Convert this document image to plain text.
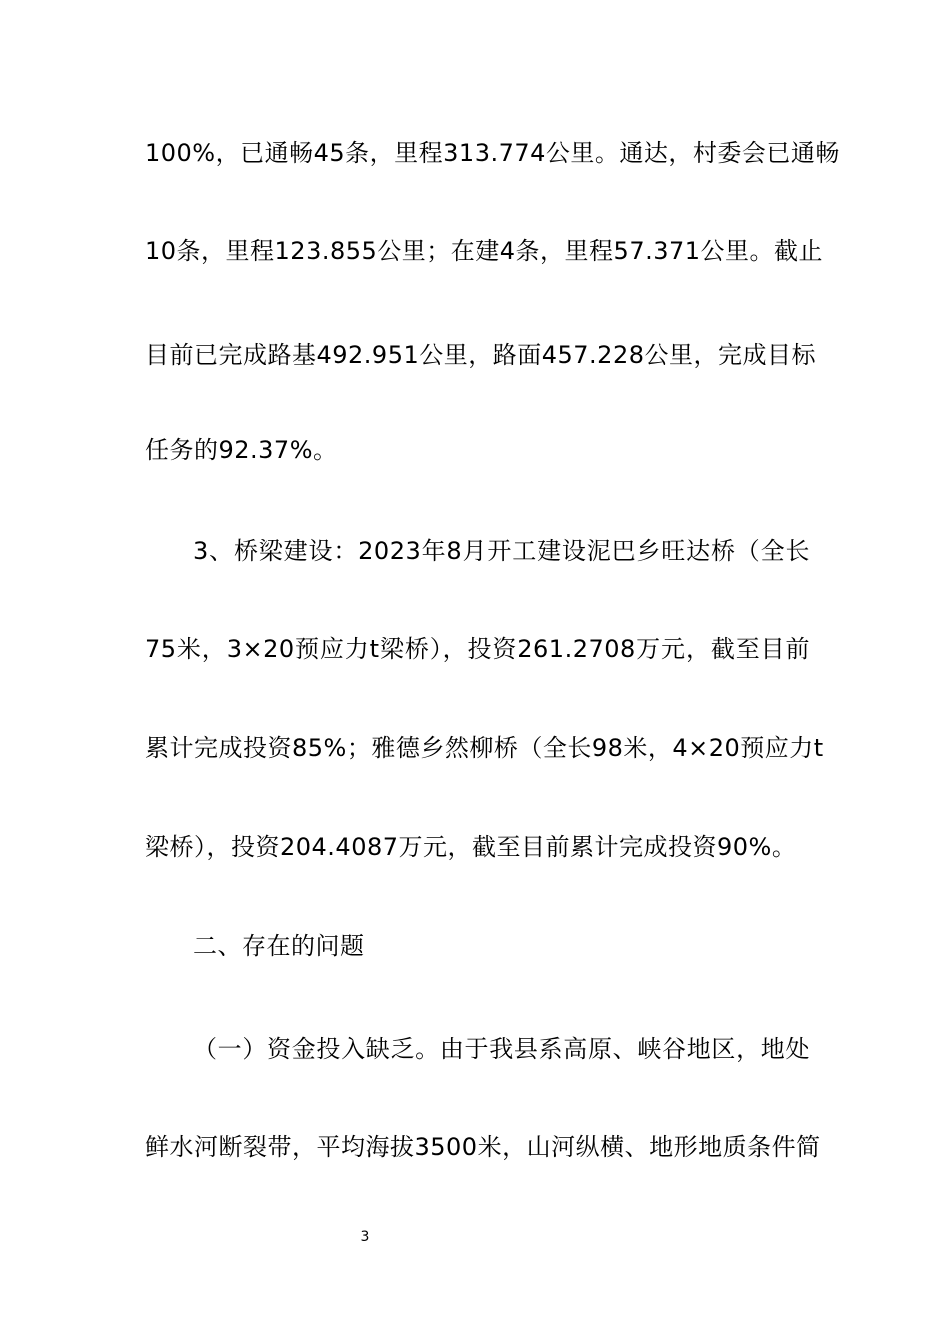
100%，已通畅45条，里程313.774公里。通达，村委会已通畅
10条，里程123.855公里；在建4条，里程57.371公里。截止
目前已完成路基492.951公里，路面457.228公里，完成目标
任务的92.37%。
3、桥梁建设：2023年8月开工建设泥巴乡旺达桥（全长
75米，3×20预应力t梁桥），投资261.2708万元，截至目前
累计完成投资85%；雅德乡然柳桥（全长98米，4×20预应力t
梁桥），投资204.4087万元，截至目前累计完成投资90%。
二、存在的问题
（一）资金投入缺乏。由于我县系高原、峡谷地区，地处
鲜水河断裂带，平均海拔3500米，山河纵横、地形地质条件简
3
